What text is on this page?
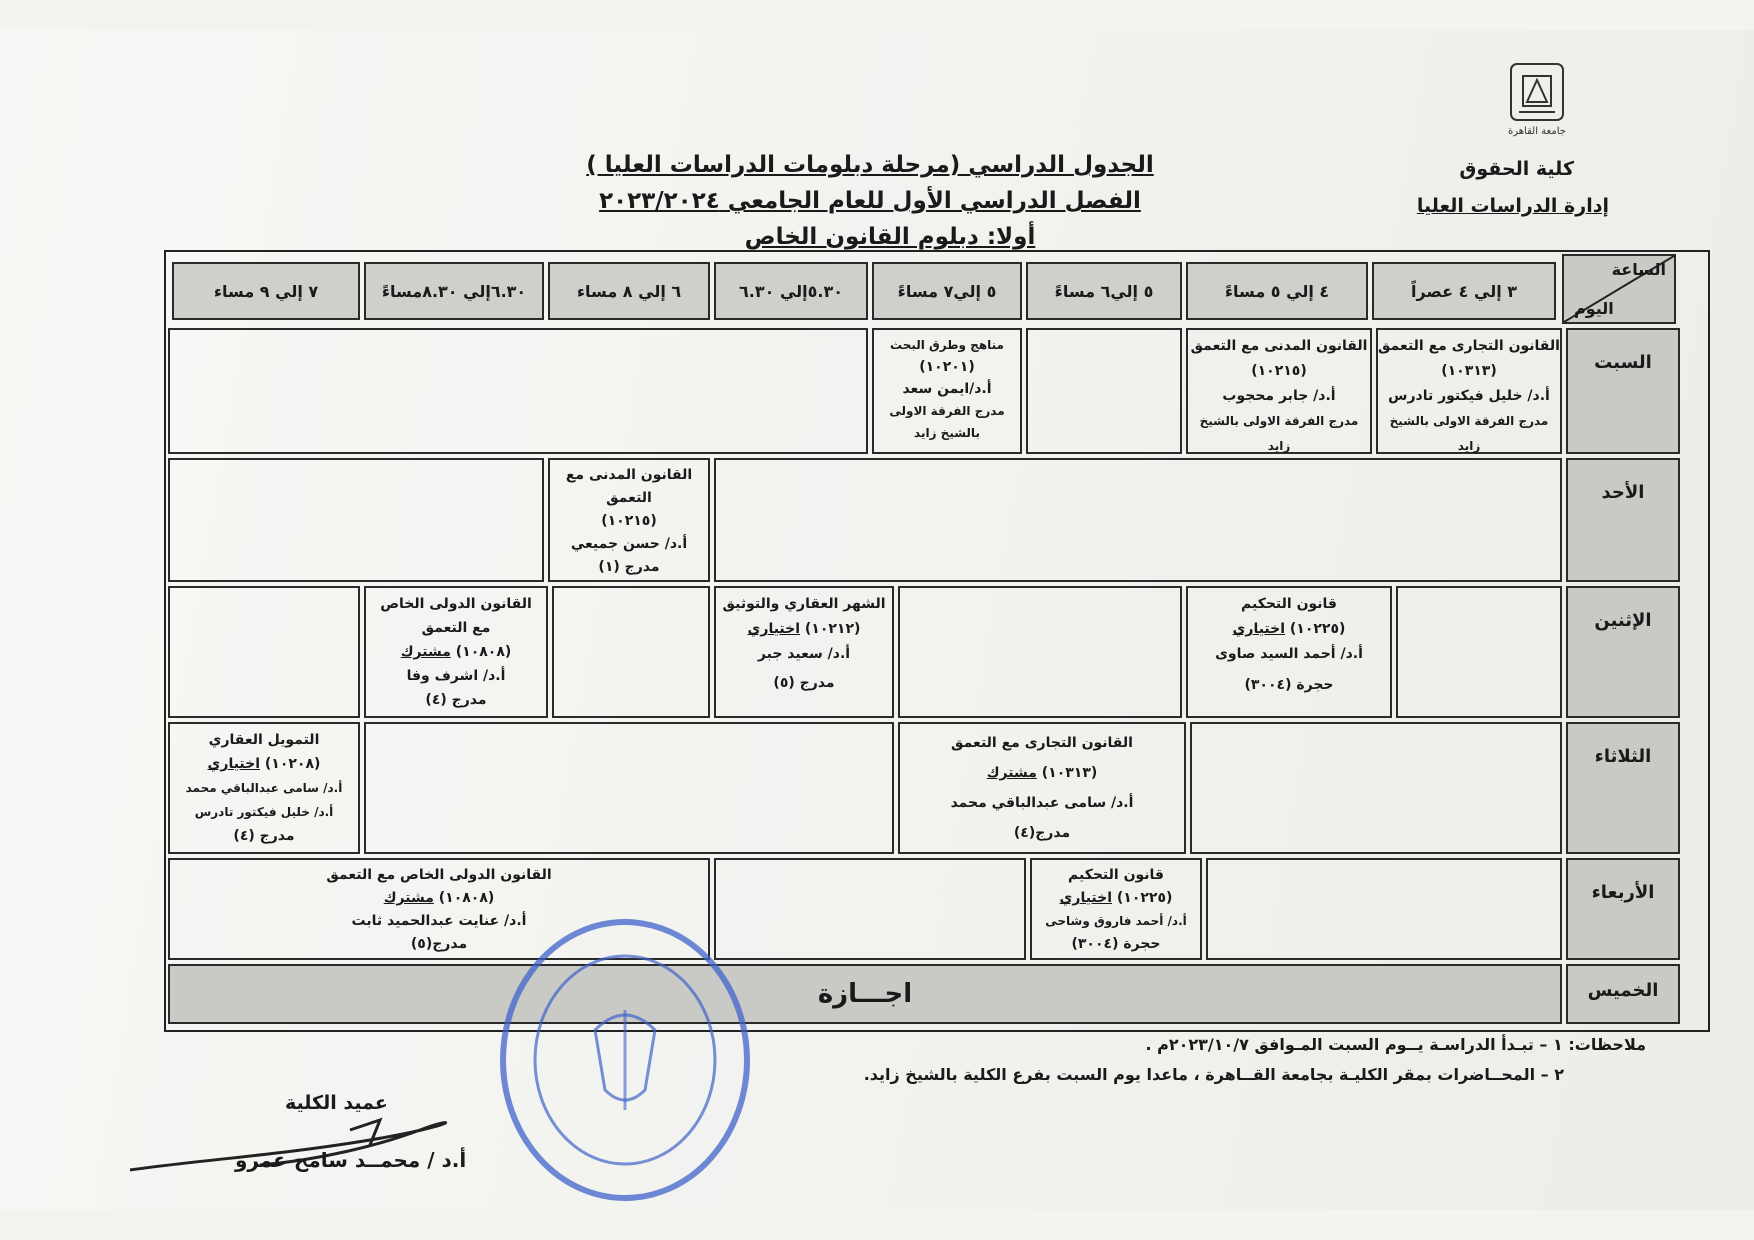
جامعة القاهرة
كلية الحقوق
إدارة الدراسات العليا
الجدول الدراسي (مرحلة دبلومات الدراسات العليا )
الفصل الدراسي الأول للعام الجامعي ٢٠٢٣/٢٠٢٤
أولا: دبلوم القانون الخاص
الساعة
اليوم
٣ إلي ٤ عصراً
٤ إلي ٥ مساءً
٥ إلي٦ مساءً
٥ إلي٧ مساءً
٥.٣٠إلي ٦.٣٠
٦ إلي ٨ مساء
٦.٣٠إلي ٨.٣٠مساءً
٧ إلي ٩ مساء
السبت
الأحد
الإثنين
الثلاثاء
الأربعاء
الخميس
القانون التجارى مع التعمق
(١٠٣١٣)
أ.د/ خليل فيكتور تادرس
مدرج الفرقة الاولى بالشيخ زايد
القانون المدنى مع التعمق
(١٠٢١٥)
أ.د/ جابر محجوب
مدرج الفرقة الاولى بالشيخ زايد
مناهج وطرق البحث
(١٠٢٠١)
أ.د/ايمن سعد
مدرج الفرقة الاولى
بالشيخ زايد
القانون المدنى مع
التعمق
(١٠٢١٥)
أ.د/ حسن جميعي
مدرج (١)
قانون التحكيم
(١٠٢٢٥) اختياري
أ.د/ أحمد السيد صاوى
حجرة (٣٠٠٤)
الشهر العقاري والتوثيق
(١٠٢١٢) اختياري
أ.د/ سعيد جبر
مدرج (٥)
القانون الدولى الخاص
مع التعمق
(١٠٨٠٨) مشترك
أ.د/ اشرف وفا
مدرج (٤)
القانون التجارى مع التعمق
(١٠٣١٣) مشترك
أ.د/ سامى عبدالباقي محمد
مدرج(٤)
التمويل العقاري
(١٠٢٠٨) اختياري
أ.د/ سامى عبدالباقي محمد
أ.د/ خليل فيكتور تادرس
مدرج (٤)
قانون التحكيم
(١٠٢٢٥) اختياري
أ.د/ أحمد فاروق وشاحى
حجرة (٣٠٠٤)
القانون الدولى الخاص مع التعمق
(١٠٨٠٨) مشترك
أ.د/ عنايت عبدالحميد ثابت
مدرج(٥)
اجـــازة
ملاحظات: ١ – تبـدأ الدراسـة يــوم السبت المـوافق ٢٠٢٣/١٠/٧م .
٢ – المحــاضرات بمقر الكليـة بجامعة القــاهرة ، ماعدا يوم السبت بفرع الكلية بالشيخ زايد.
عميد الكلية
أ.د / محمــد سامح عمرو
